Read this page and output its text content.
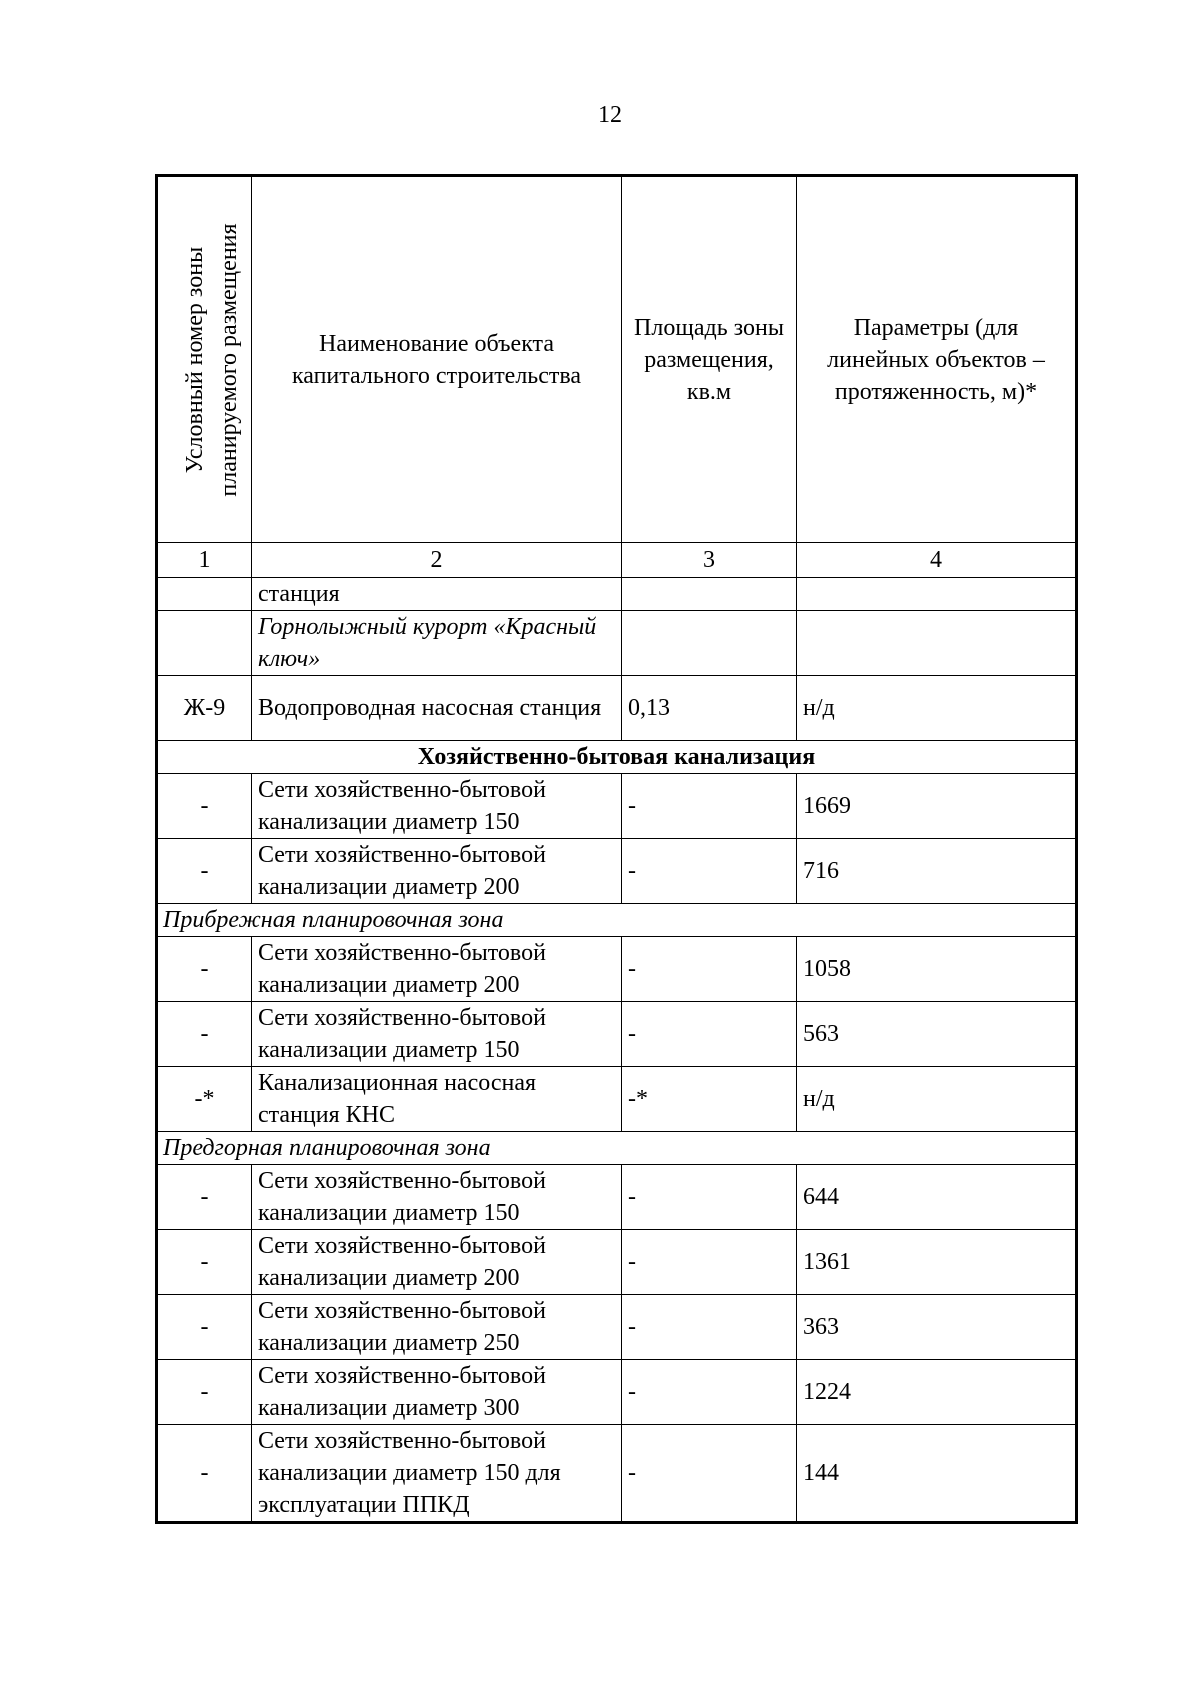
12
Условный номер зоны планируемого размещения	Наименование объекта капитального строительства	Площадь зоны размещения, кв.м	Параметры (для линейных объектов – протяженность, м)*
1	2	3	4
	станция		
	Горнолыжный курорт «Красный ключ»		
Ж-9	Водопроводная насосная станция	0,13	н/д
Хозяйственно-бытовая канализация			
-	Сети хозяйственно-бытовой канализации диаметр 150	-	1669
-	Сети хозяйственно-бытовой канализации диаметр 200	-	716
Прибрежная планировочная зона			
-	Сети хозяйственно-бытовой канализации диаметр 200	-	1058
-	Сети хозяйственно-бытовой канализации диаметр 150	-	563
-*	Канализационная насосная станция КНС	-*	н/д
Предгорная планировочная зона			
-	Сети хозяйственно-бытовой канализации диаметр 150	-	644
-	Сети хозяйственно-бытовой канализации диаметр 200	-	1361
-	Сети хозяйственно-бытовой канализации диаметр 250	-	363
-	Сети хозяйственно-бытовой канализации диаметр 300	-	1224
-	Сети хозяйственно-бытовой канализации диаметр 150 для эксплуатации ППКД	-	144
